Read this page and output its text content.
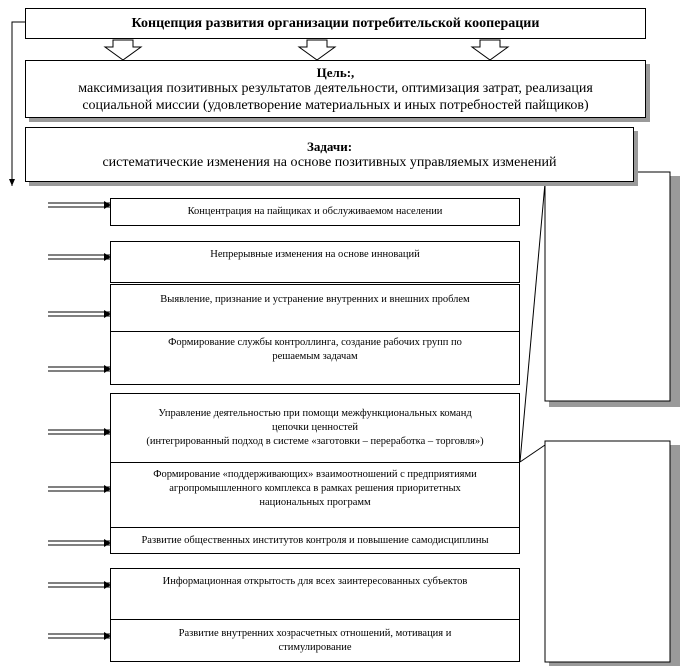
Концепция развития организации потребительской кооперации
Цель:,
максимизация позитивных результатов деятельности, оптимизация затрат, реализация
социальной миссии (удовлетворение материальных и иных потребностей пайщиков)
Задачи:
систематические изменения на основе позитивных управляемых изменений
Концентрация на пайщиках и обслуживаемом населении
Непрерывные изменения на основе инноваций
Выявление, признание и устранение внутренних и внешних проблем
Формирование службы контроллинга, создание рабочих групп по
решаемым задачам
Управление деятельностью при помощи межфункциональных команд
цепочки ценностей
(интегрированный подход в системе «заготовки – переработка – торговля»)
Формирование «поддерживающих» взаимоотношений с предприятиями
агропромышленного комплекса в рамках решения приоритетных
национальных программ
Развитие общественных институтов контроля и повышение самодисциплины
Информационная открытость для всех заинтересованных субъектов
Развитие внутренних хозрасчетных отношений, мотивация и
стимулирование
